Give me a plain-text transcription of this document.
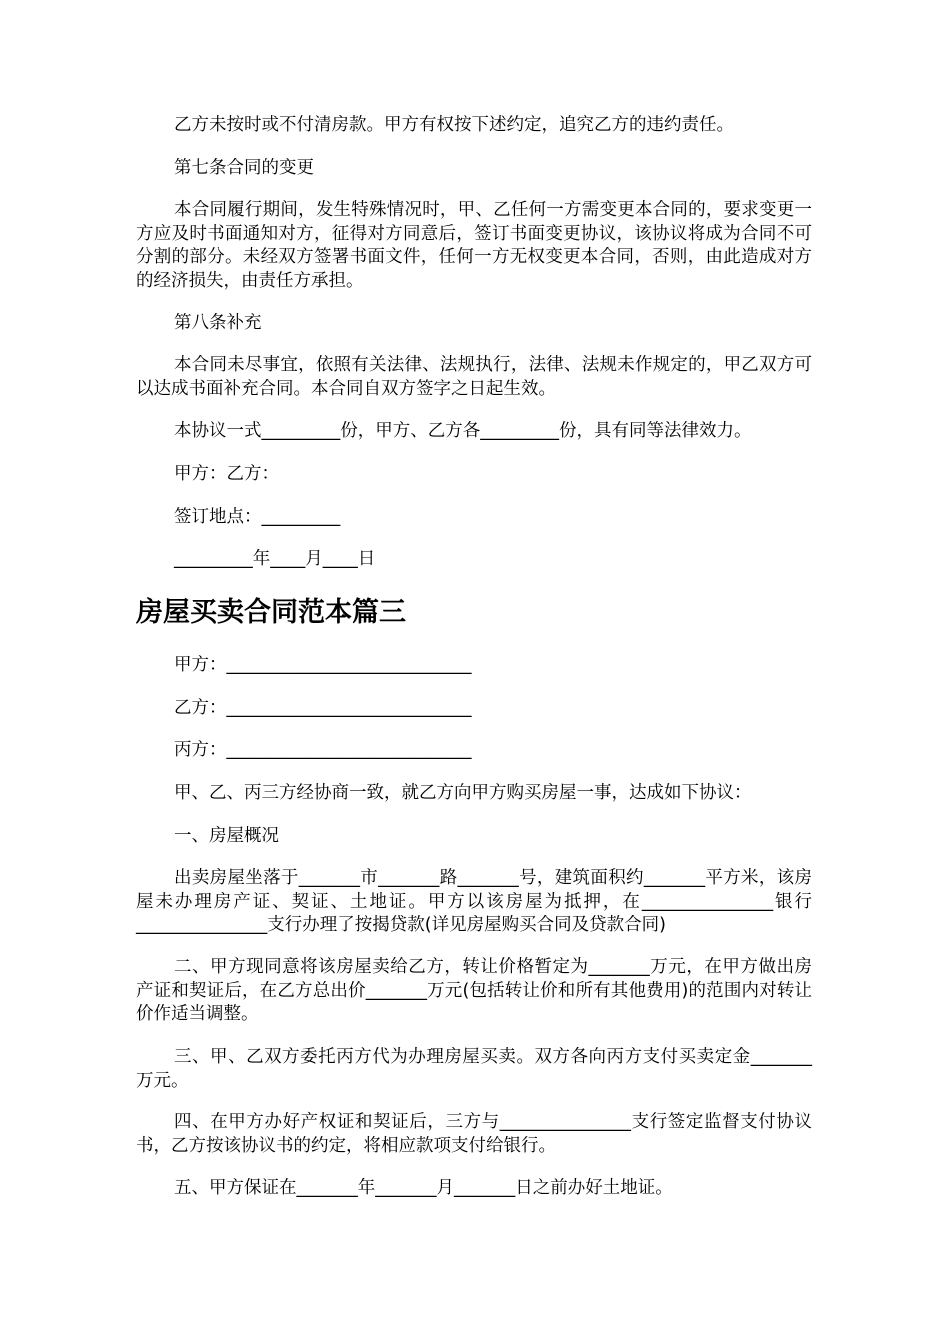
乙方未按时或不付清房款。甲方有权按下述约定，追究乙方的违约责任。

第七条合同的变更

本合同履行期间，发生特殊情况时，甲、乙任何一方需变更本合同的，要求变更一方应及时书面通知对方，征得对方同意后，签订书面变更协议，该协议将成为合同不可分割的部分。未经双方签署书面文件，任何一方无权变更本合同，否则，由此造成对方的经济损失，由责任方承担。

第八条补充

本合同未尽事宜，依照有关法律、法规执行，法律、法规未作规定的，甲乙双方可以达成书面补充合同。本合同自双方签字之日起生效。

本协议一式_________份，甲方、乙方各_________份，具有同等法律效力。

甲方：乙方：

签订地点：_________

_________年____月____日

房屋买卖合同范本篇三

甲方：____________________________

乙方：____________________________

丙方：____________________________

甲、乙、丙三方经协商一致，就乙方向甲方购买房屋一事，达成如下协议：

一、房屋概况

出卖房屋坐落于_______市_______路_______号，建筑面积约_______平方米，该房屋未办理房产证、契证、土地证。甲方以该房屋为抵押，在_______________银行_______________支行办理了按揭贷款(详见房屋购买合同及贷款合同)

二、甲方现同意将该房屋卖给乙方，转让价格暂定为_______万元，在甲方做出房产证和契证后，在乙方总出价_______万元(包括转让价和所有其他费用)的范围内对转让价作适当调整。

三、甲、乙双方委托丙方代为办理房屋买卖。双方各向丙方支付买卖定金_______万元。

四、在甲方办好产权证和契证后，三方与_______________支行签定监督支付协议书，乙方按该协议书的约定，将相应款项支付给银行。

五、甲方保证在_______年_______月_______日之前办好土地证。
